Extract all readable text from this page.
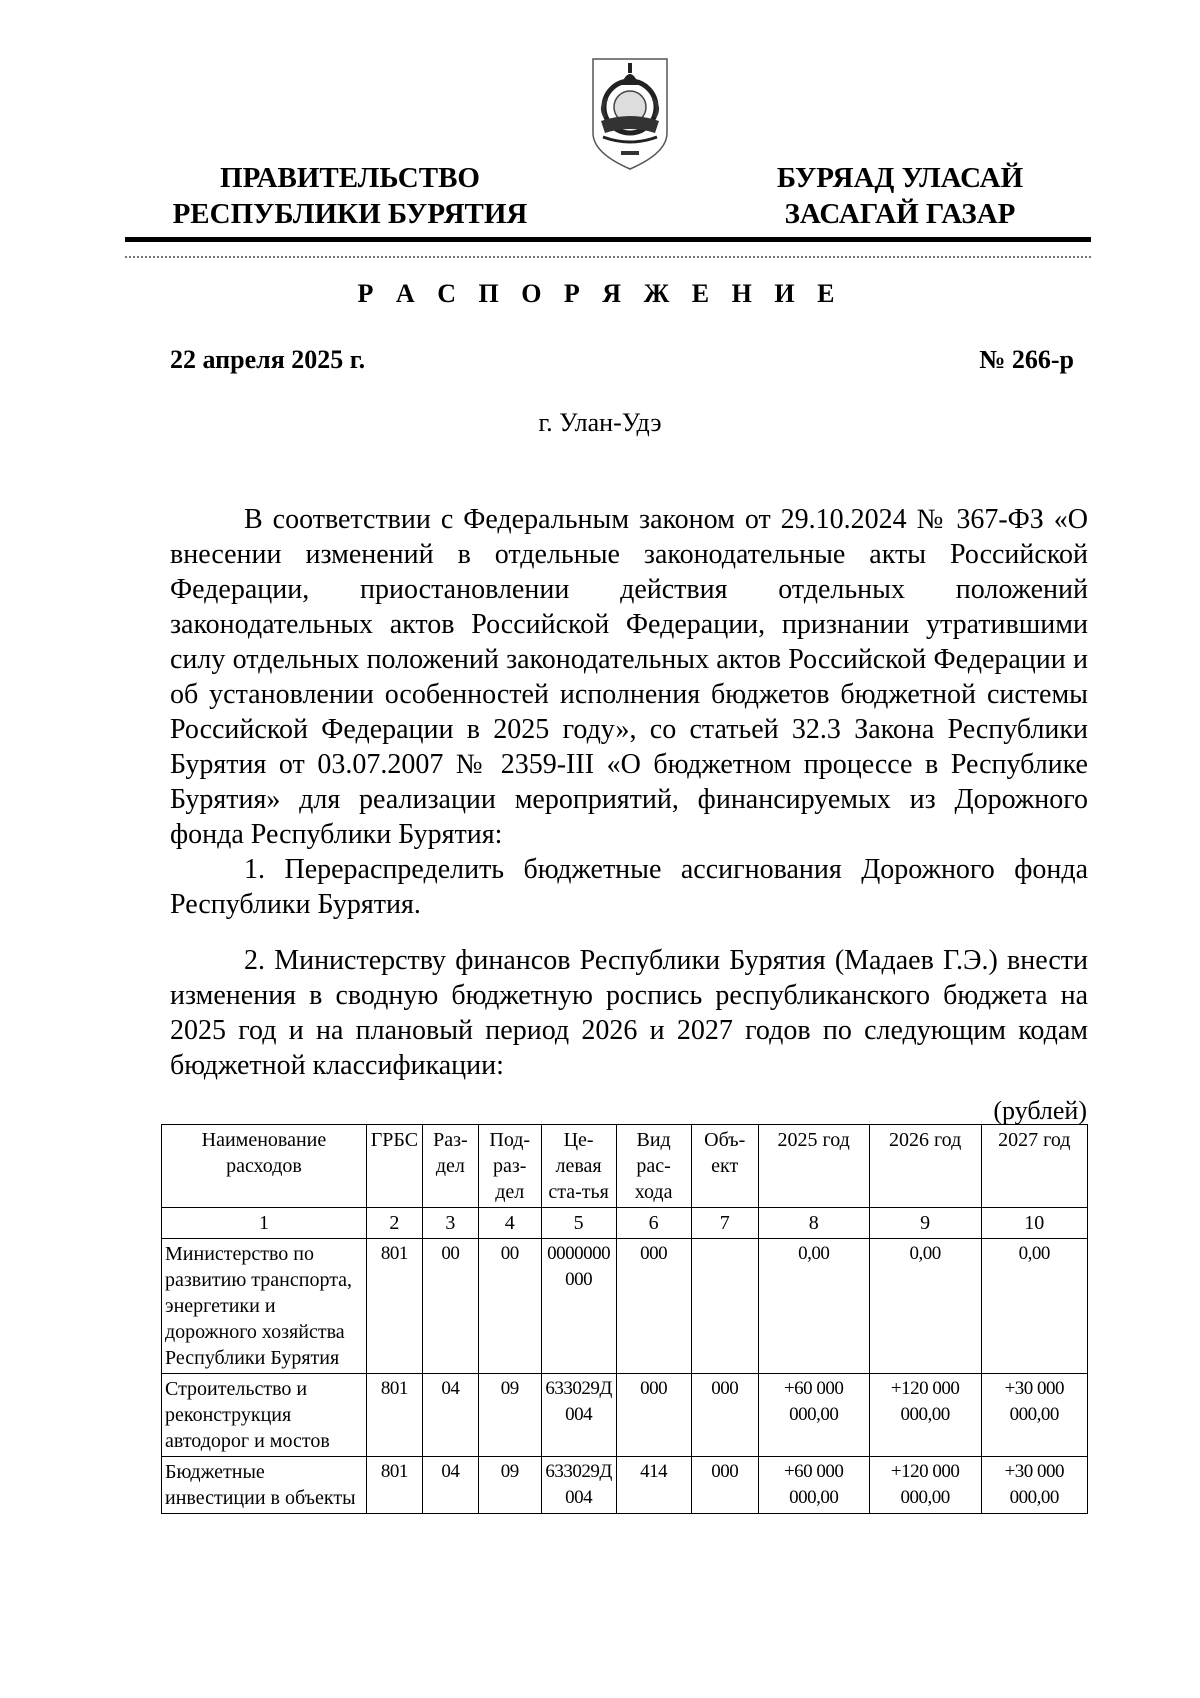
ПРАВИТЕЛЬСТВО
РЕСПУБЛИКИ БУРЯТИЯ
БУРЯАД УЛАСАЙ
ЗАСАГАЙ ГАЗАР
Р А С П О Р Я Ж Е Н И Е
22 апреля 2025 г.	№ 266-р
г. Улан-Удэ

В соответствии с Федеральным законом от 29.10.2024 № 367-ФЗ «О внесении изменений в отдельные законодательные акты Российской Федерации, приостановлении действия отдельных положений законодательных актов Российской Федерации, признании утратившими силу отдельных положений законодательных актов Российской Федерации и об установлении особенностей исполнения бюджетов бюджетной системы Российской Федерации в 2025 году», со статьей 32.3 Закона Республики Бурятия от 03.07.2007 № 2359-III «О бюджетном процессе в Республике Бурятия» для реализации мероприятий, финансируемых из Дорожного фонда Республики Бурятия:

1. Перераспределить бюджетные ассигнования Дорожного фонда Республики Бурятия.

2. Министерству финансов Республики Бурятия (Мадаев Г.Э.) внести изменения в сводную бюджетную роспись республиканского бюджета на 2025 год и на плановый период 2026 и 2027 годов по следующим кодам бюджетной классификации:

(рублей)
Наименование расходов	ГРБС	Раз-дел	Под-раз-дел	Це-левая ста-тья	Вид рас-хода	Объ-ект	2025 год	2026 год	2027 год
1	2	3	4	5	6	7	8	9	10
Министерство по развитию транспорта, энергетики и дорожного хозяйства Республики Бурятия	801	00	00	0000000000	000		0,00	0,00	0,00
Строительство и реконструкция автодорог и мостов	801	04	09	633029Д004	000	000	+60 000 000,00	+120 000 000,00	+30 000 000,00
Бюджетные инвестиции в объекты	801	04	09	633029Д004	414	000	+60 000 000,00	+120 000 000,00	+30 000 000,00
